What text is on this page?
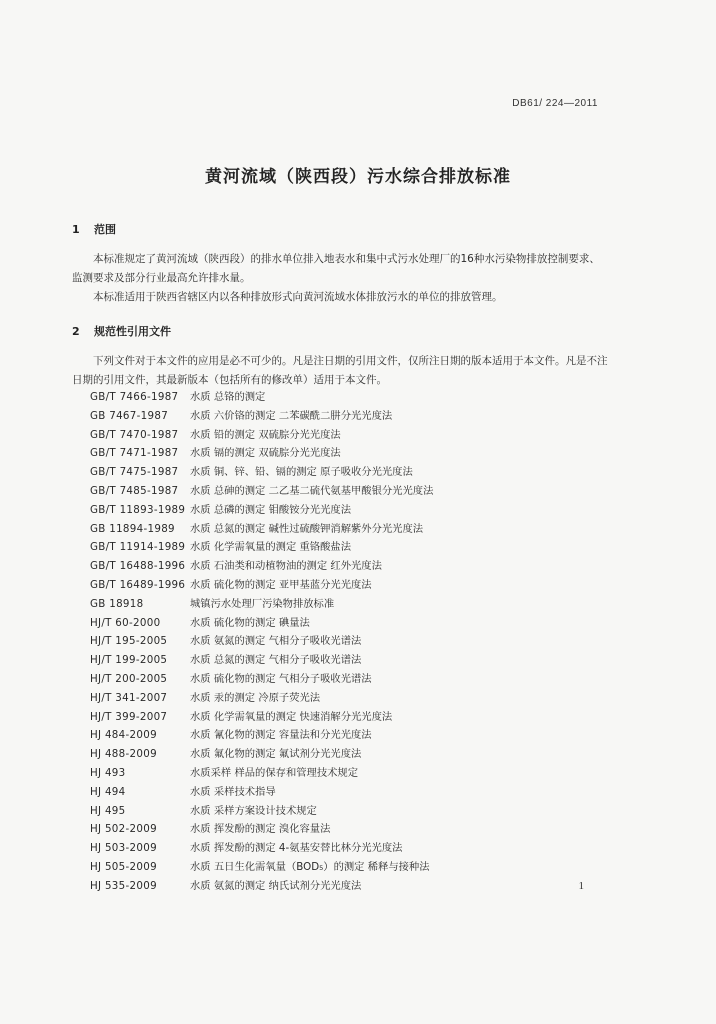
DB61/ 224—2011
黄河流域（陕西段）污水综合排放标准
1 范围
本标准规定了黄河流域（陕西段）的排水单位排入地表水和集中式污水处理厂的16种水污染物排放控制要求、监测要求及部分行业最高允许排水量。
本标准适用于陕西省辖区内以各种排放形式向黄河流域水体排放污水的单位的排放管理。
2 规范性引用文件
下列文件对于本文件的应用是必不可少的。凡是注日期的引用文件，仅所注日期的版本适用于本文件。凡是不注日期的引用文件，其最新版本（包括所有的修改单）适用于本文件。
GB/T 7466-1987 水质 总铬的测定
GB 7467-1987 水质 六价铬的测定 二苯碳酰二肼分光光度法
GB/T 7470-1987 水质 铅的测定 双硫腙分光光度法
GB/T 7471-1987 水质 镉的测定 双硫腙分光光度法
GB/T 7475-1987 水质 铜、锌、铅、镉的测定 原子吸收分光光度法
GB/T 7485-1987 水质 总砷的测定 二乙基二硫代氨基甲酸银分光光度法
GB/T 11893-1989 水质 总磷的测定 钼酸铵分光光度法
GB 11894-1989 水质 总氮的测定 碱性过硫酸钾消解紫外分光光度法
GB/T 11914-1989 水质 化学需氧量的测定 重铬酸盐法
GB/T 16488-1996 水质 石油类和动植物油的测定 红外光度法
GB/T 16489-1996 水质 硫化物的测定 亚甲基蓝分光光度法
GB 18918	城镇污水处理厂污染物排放标准
HJ/T 60-2000	水质 硫化物的测定 碘量法
HJ/T 195-2005 水质 氨氮的测定 气相分子吸收光谱法
HJ/T 199-2005 水质 总氮的测定 气相分子吸收光谱法
HJ/T 200-2005 水质 硫化物的测定 气相分子吸收光谱法
HJ/T 341-2007 水质 汞的测定 冷原子荧光法
HJ/T 399-2007 水质 化学需氧量的测定 快速消解分光光度法
HJ 484-2009	水质 氰化物的测定 容量法和分光光度法
HJ 488-2009	水质 氟化物的测定 氟试剂分光光度法
HJ 493	水质采样 样品的保存和管理技术规定
HJ 494	水质 采样技术指导
HJ 495	水质 采样方案设计技术规定
HJ 502-2009	水质 挥发酚的测定 溴化容量法
HJ 503-2009	水质 挥发酚的测定 4-氨基安替比林分光光度法
HJ 505-2009	水质 五日生化需氧量（BOD₅）的测定 稀释与接种法
HJ 535-2009	水质 氨氮的测定 纳氏试剂分光光度法	1
